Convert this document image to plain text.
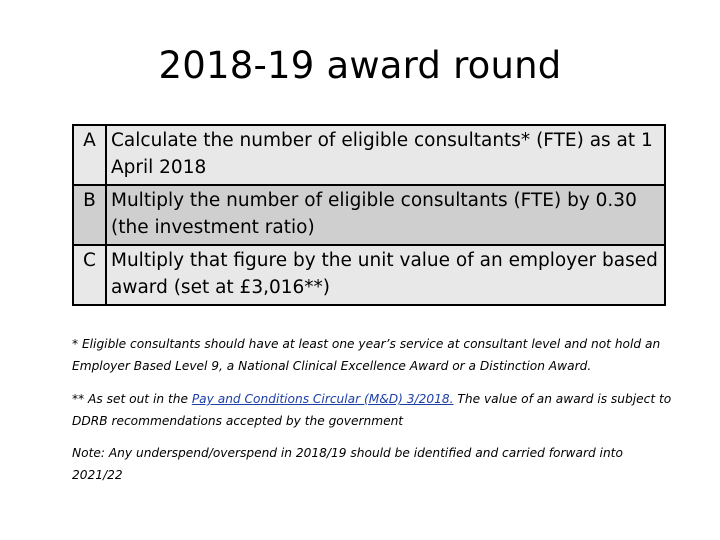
2018-19 award round
A	Calculate the number of eligible consultants* (FTE) as at 1 April 2018
B	Multiply the number of eligible consultants (FTE) by 0.30 (the investment ratio)
C	Multiply that figure by the unit value of an employer based award (set at £3,016**)
* Eligible consultants should have at least one year’s service at consultant level and not hold an Employer Based Level 9, a National Clinical Excellence Award or a Distinction Award.
** As set out in the Pay and Conditions Circular (M&D) 3/2018. The value of an award is subject to DDRB recommendations accepted by the government
Note: Any underspend/overspend in 2018/19 should be identified and carried forward into 2021/22
